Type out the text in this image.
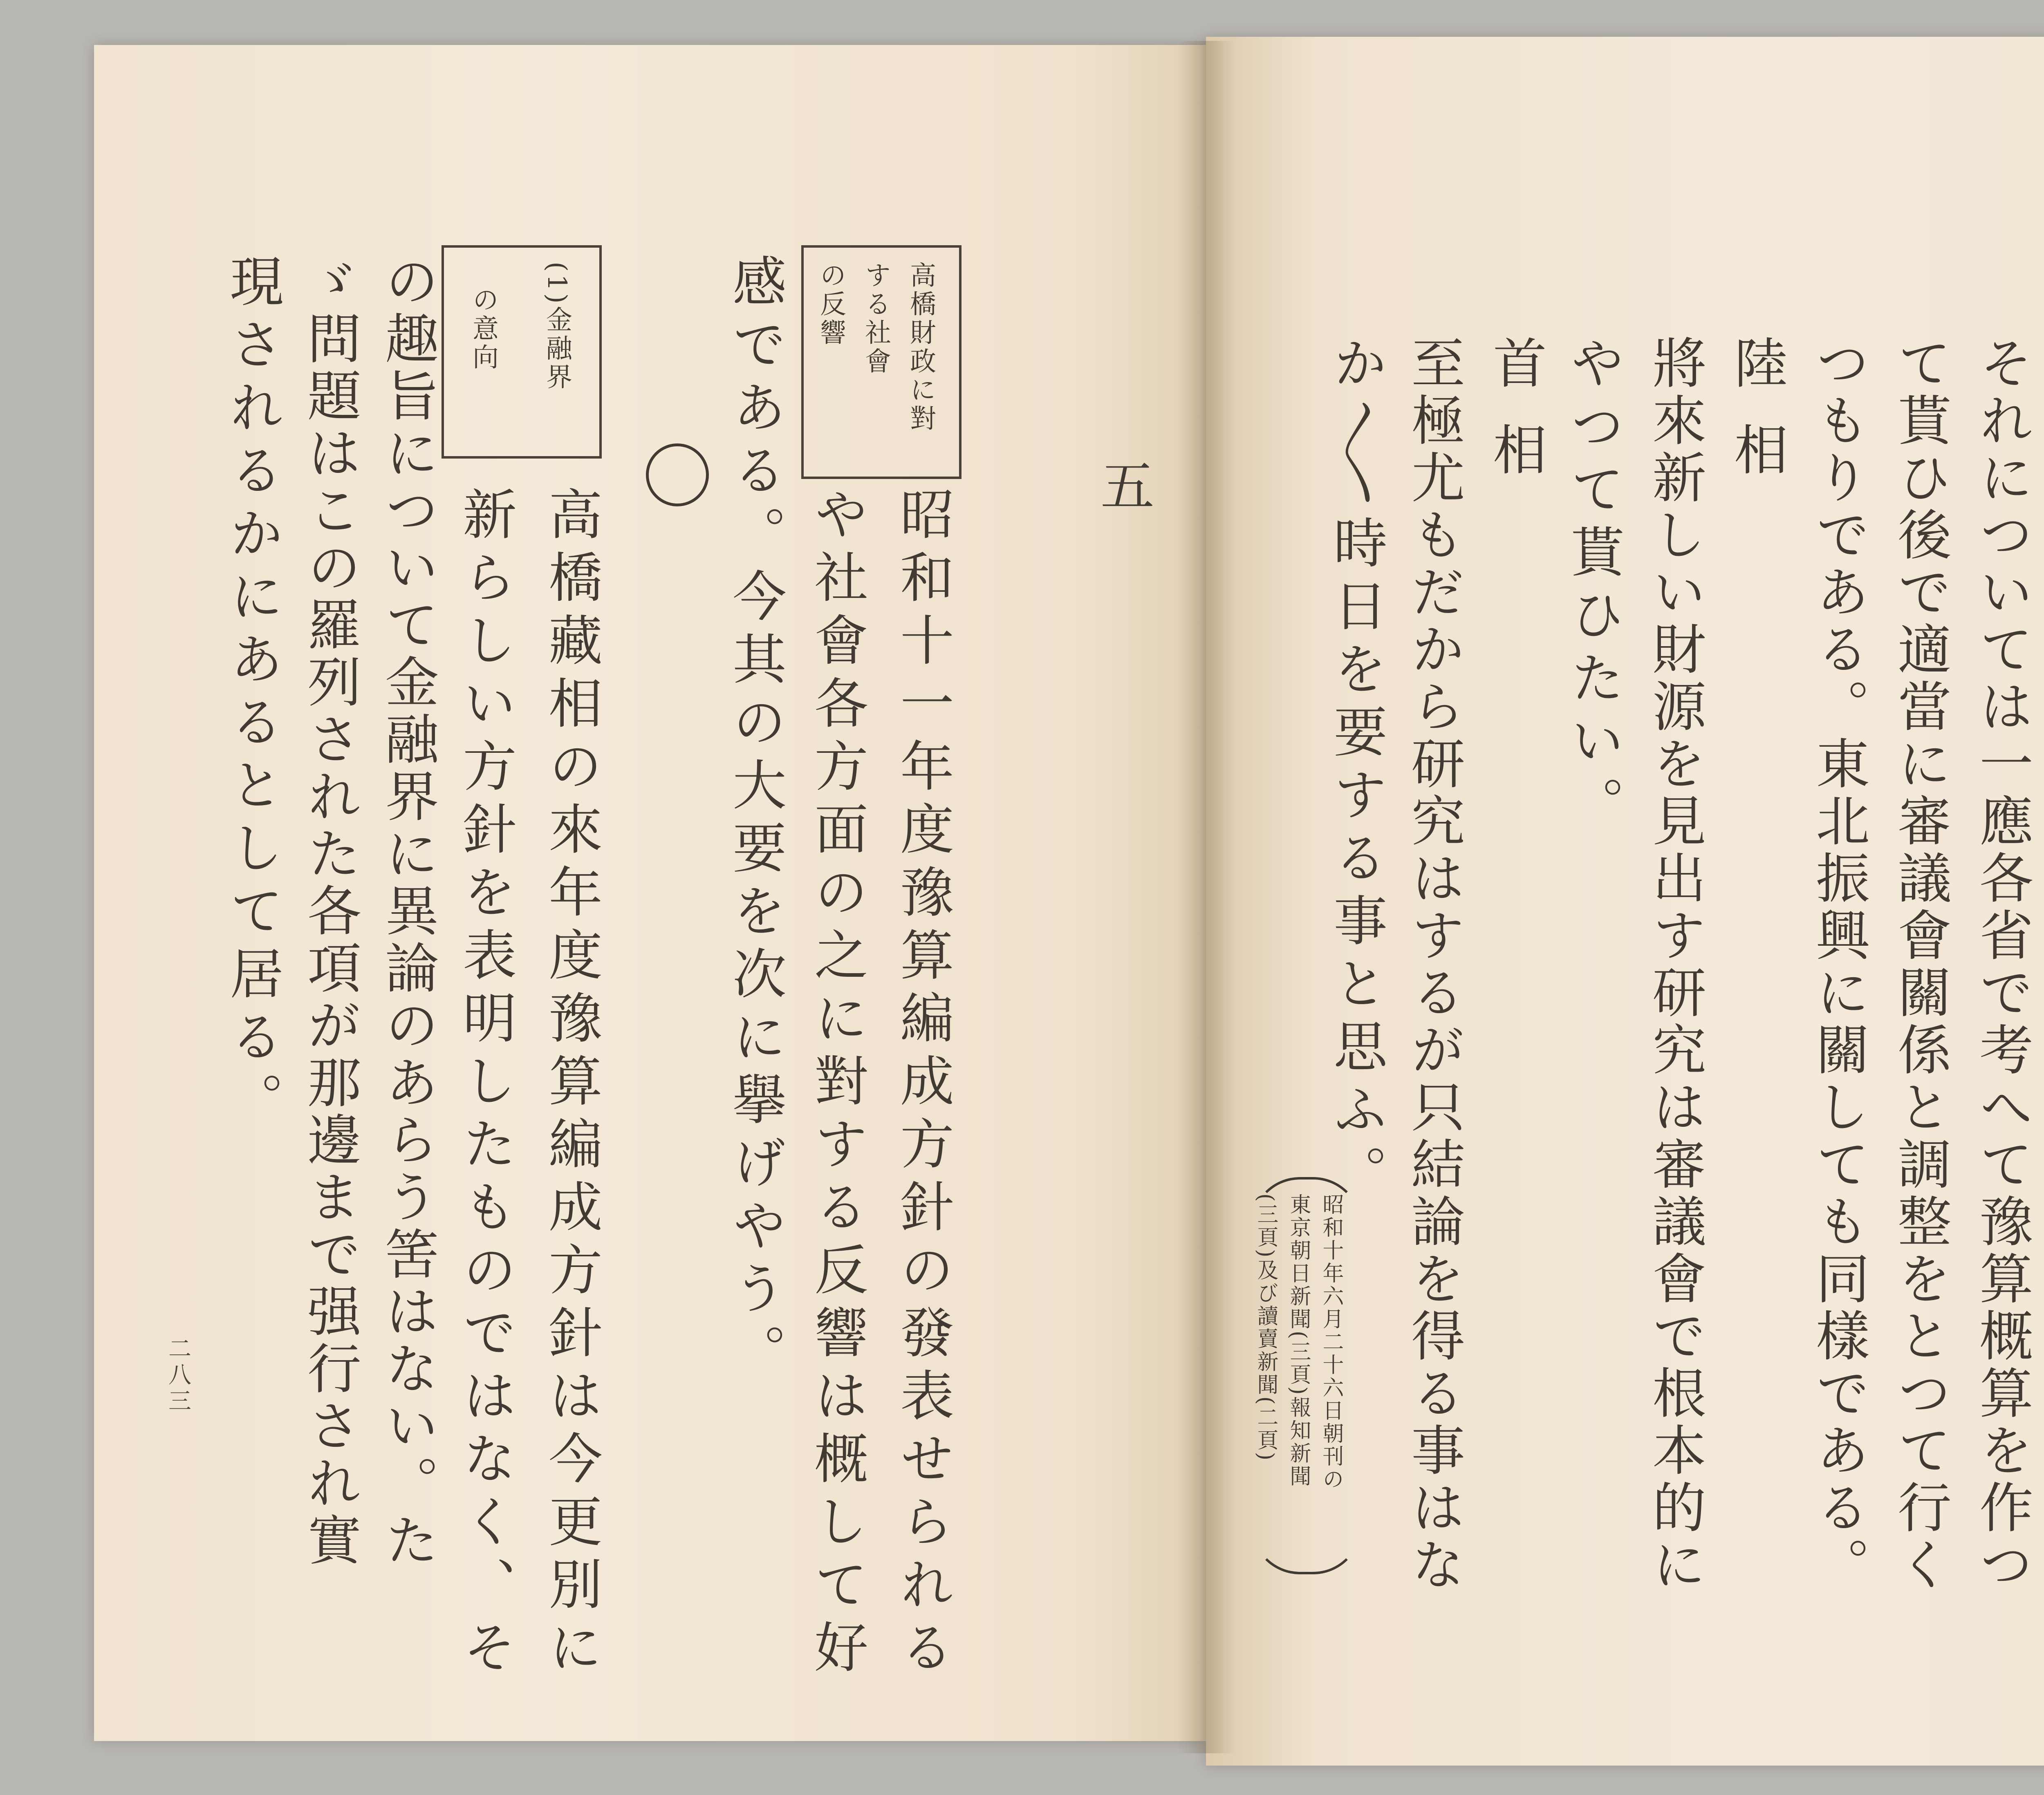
五
高橋財政に對
する社會
の反響
昭和十一年度豫算編成方針の發表せられる
や社會各方面の之に對する反響は概して好
感である。今其の大要を次に擧げやう。
(1)金融界
の意向
高橋藏相の來年度豫算編成方針は今更別に
新らしい方針を表明したものではなく、そ
の趣旨について金融界に異論のあらう筈はない。た
ゞ問題はこの羅列された各項が那邊まで强行され實
現されるかにあるとして居る。
二八三	それについては一應各省で考へて豫算概算を作つ
て貰ひ後で適當に審議會關係と調整をとつて行く
つもりである。東北振興に關しても同樣である。
陸相
將來新しい財源を見出す研究は審議會で根本的に
やつて貰ひたい。
首相
至極尤もだから研究はするが只結論を得る事はな
か〳〵時日を要する事と思ふ。
昭和十年六月二十六日朝刊の
東京朝日新聞(三頁)報知新聞
(三頁)及び讀賣新聞(二頁)
